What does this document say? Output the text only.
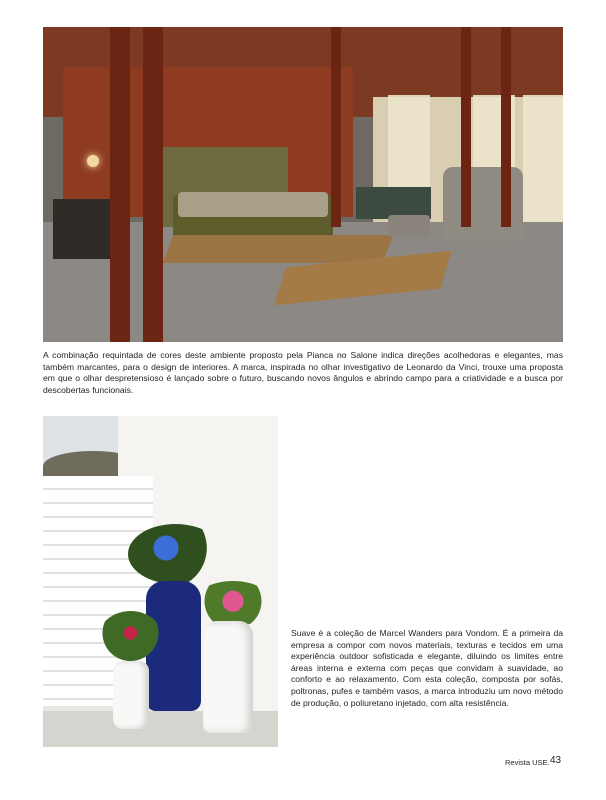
A combinação requintada de cores deste ambiente proposto pela Pianca no Salone indica direções acolhedoras e elegantes, mas também marcantes, para o design de interiores. A marca, inspirada no olhar investigativo de Leonardo da Vinci, trouxe uma proposta em que o olhar despretensioso é lançado sobre o futuro, buscando novos ângulos e abrindo campo para a criatividade e a busca por descobertas funcionais.

Suave é a coleção de Marcel Wanders para Vondom. É a primeira da empresa a compor com novos materiais, texturas e tecidos em uma experiência outdoor sofisticada e elegante, diluindo os limites entre áreas interna e externa com peças que convidam à suavidade, ao conforto e ao relaxamento. Com esta coleção, composta por sofás, poltronas, pufes e também vasos, a marca introduziu um novo método de produção, o poliuretano injetado, com alta resistência.

Revista USE. 43
